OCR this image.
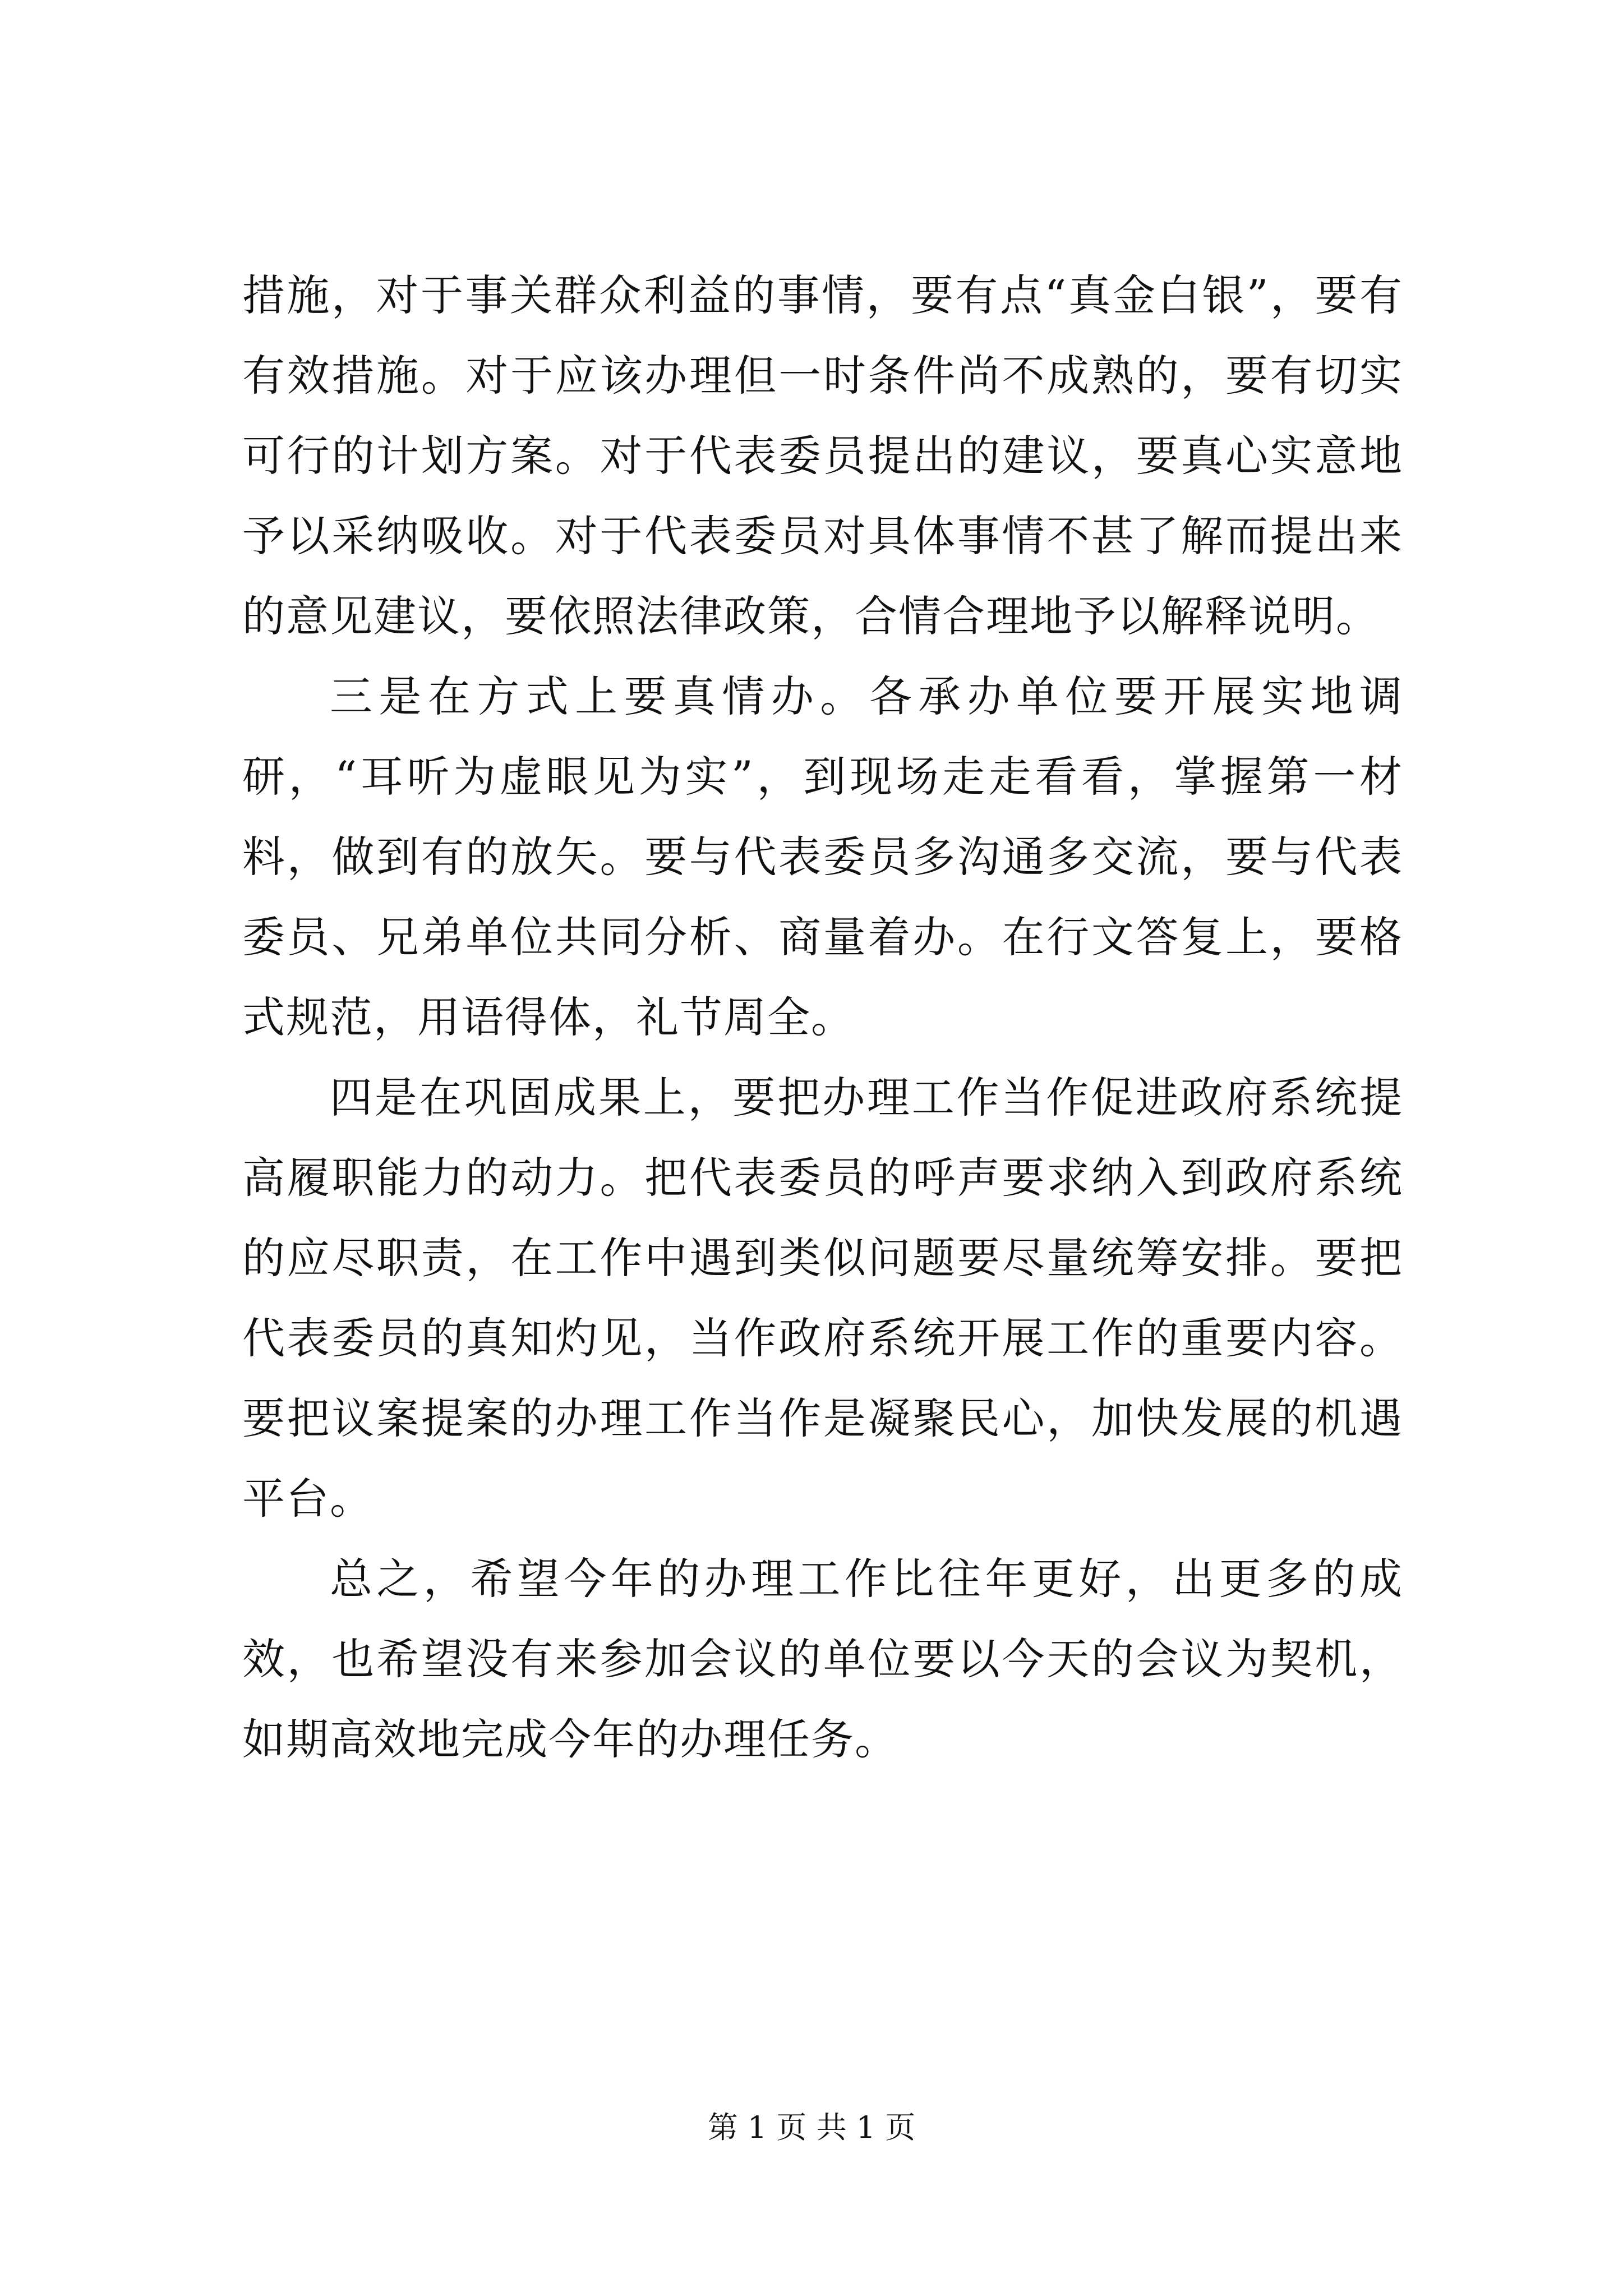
措施，对于事关群众利益的事情，要有点“真金白银”，要有有效措施。对于应该办理但一时条件尚不成熟的，要有切实可行的计划方案。对于代表委员提出的建议，要真心实意地予以采纳吸收。对于代表委员对具体事情不甚了解而提出来的意见建议，要依照法律政策，合情合理地予以解释说明。

三是在方式上要真情办。各承办单位要开展实地调研，“耳听为虚眼见为实”，到现场走走看看，掌握第一材料，做到有的放矢。要与代表委员多沟通多交流，要与代表委员、兄弟单位共同分析、商量着办。在行文答复上，要格式规范，用语得体，礼节周全。

四是在巩固成果上，要把办理工作当作促进政府系统提高履职能力的动力。把代表委员的呼声要求纳入到政府系统的应尽职责，在工作中遇到类似问题要尽量统筹安排。要把代表委员的真知灼见，当作政府系统开展工作的重要内容。要把议案提案的办理工作当作是凝聚民心，加快发展的机遇平台。

总之，希望今年的办理工作比往年更好，出更多的成效，也希望没有来参加会议的单位要以今天的会议为契机，如期高效地完成今年的办理任务。

第 1 页 共 1 页
